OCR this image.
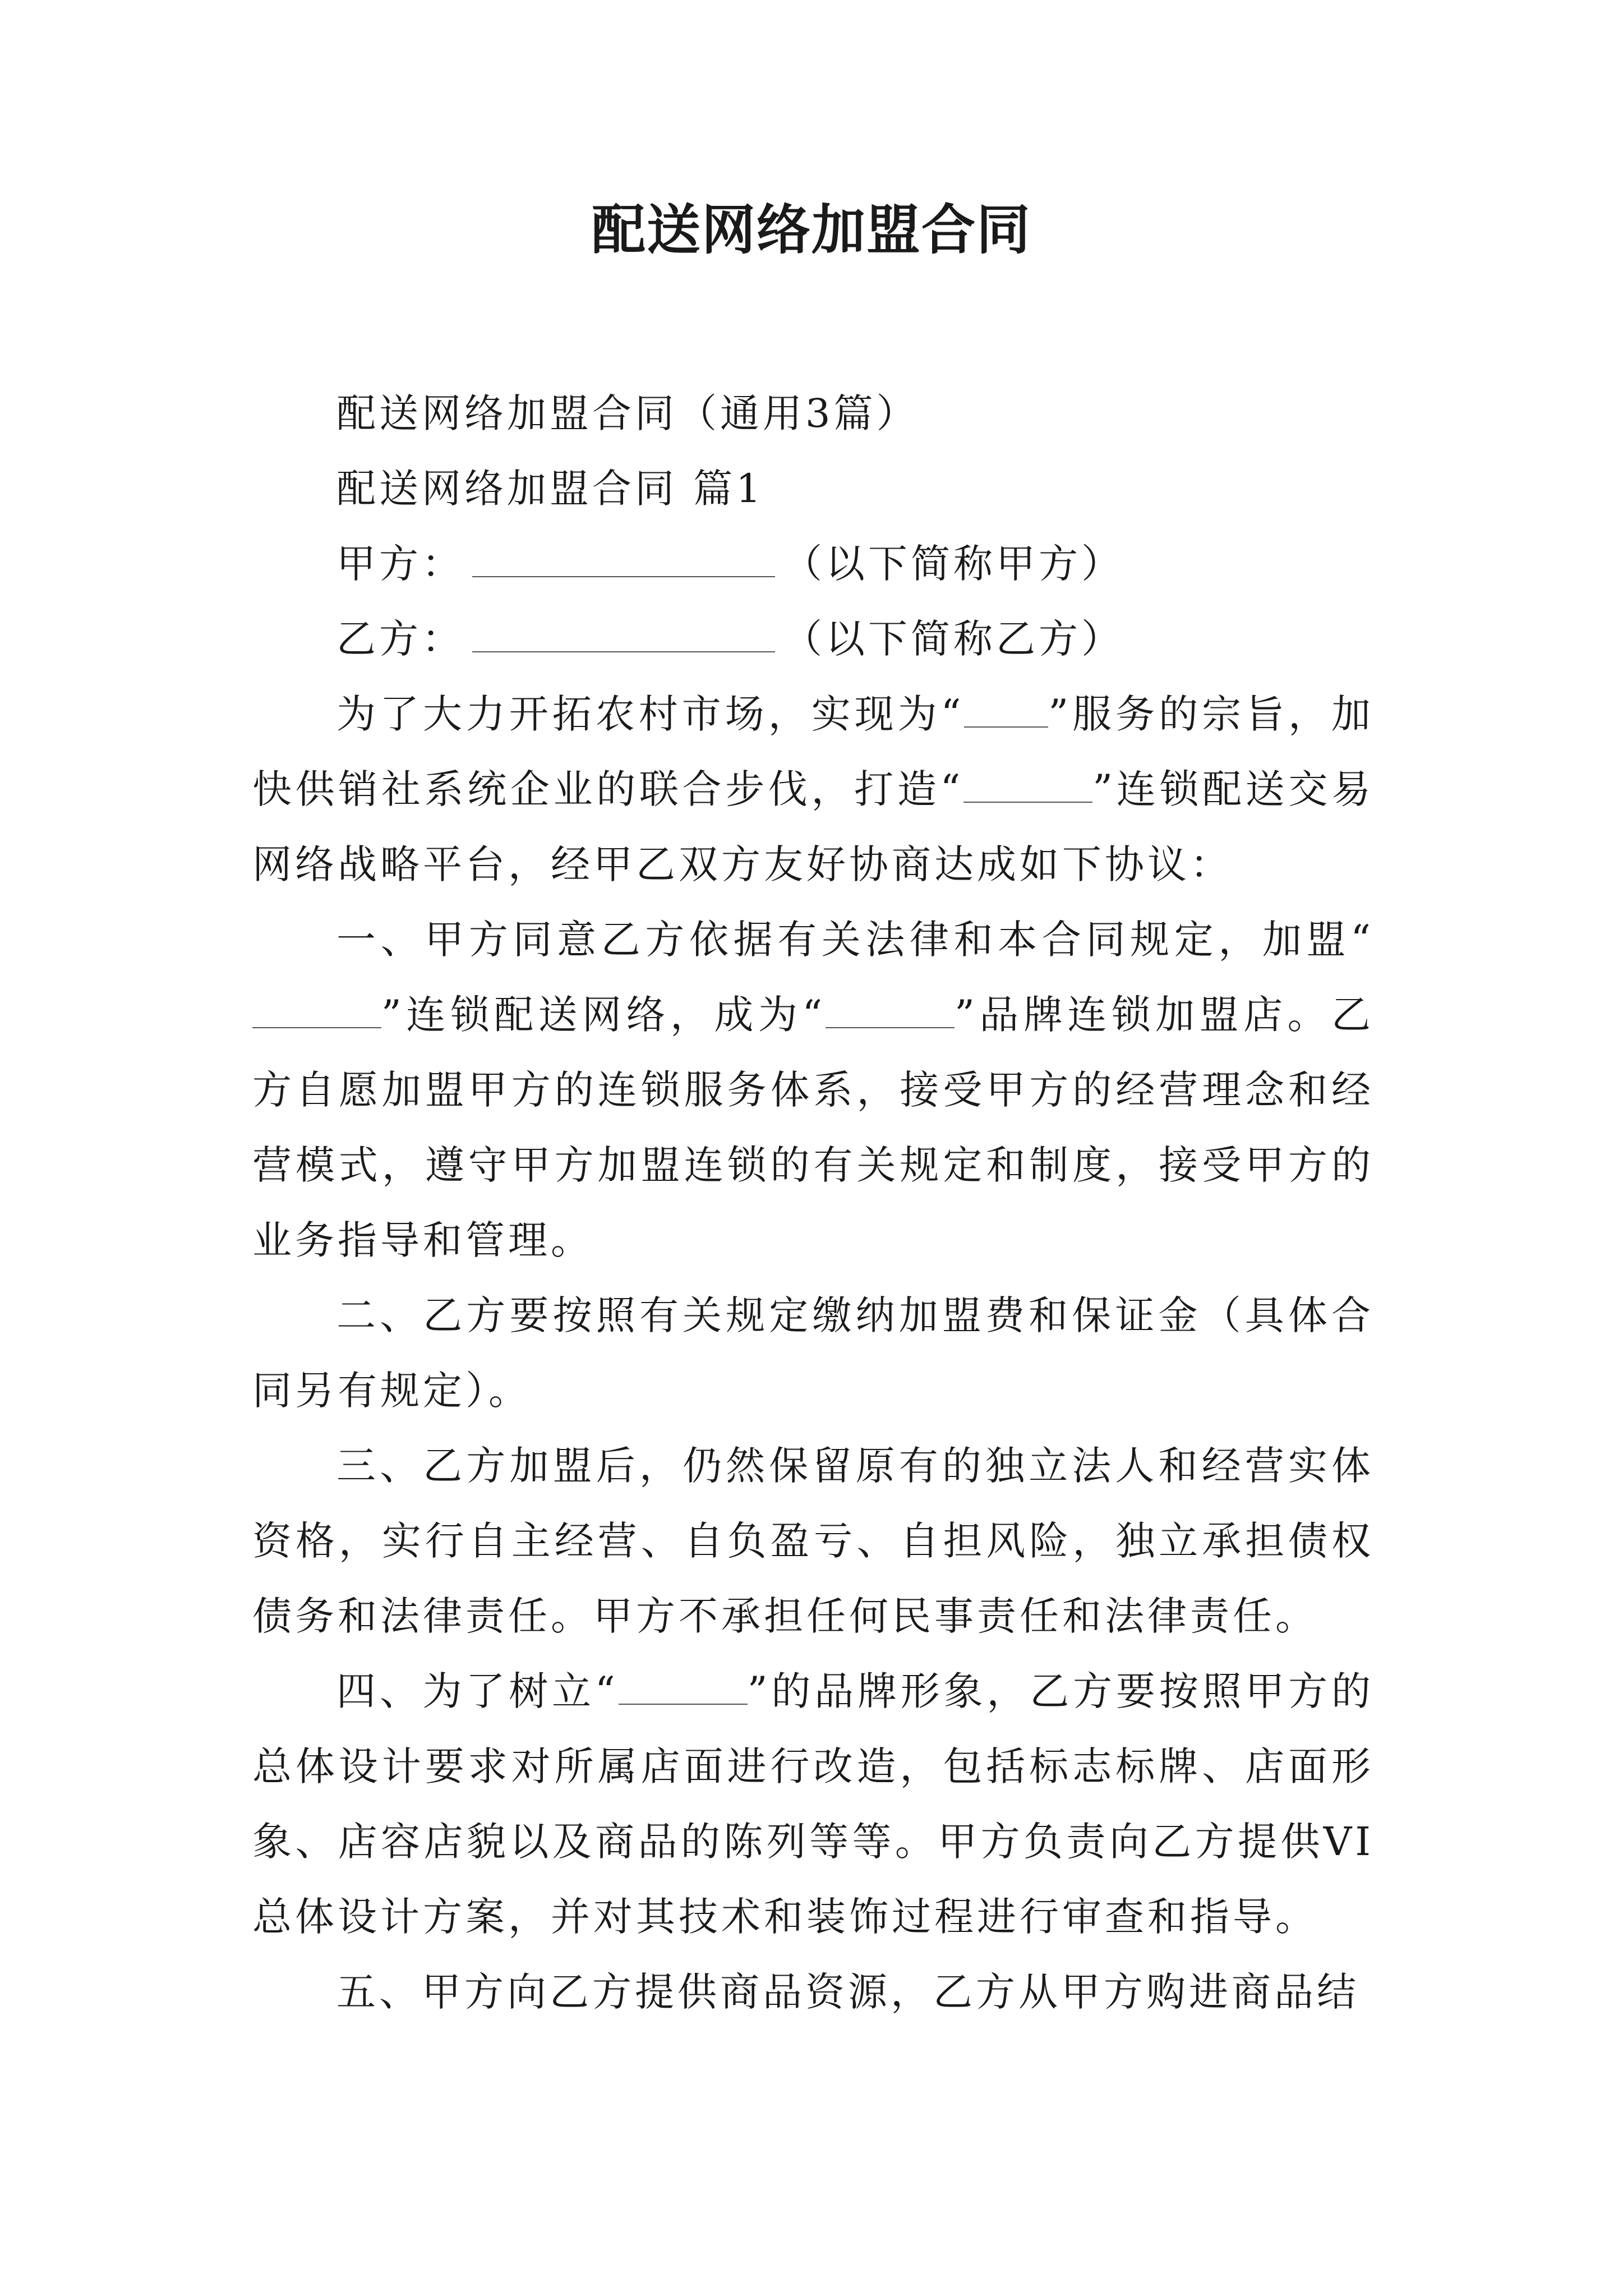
配送网络加盟合同

配送网络加盟合同（通用3篇）

配送网络加盟合同 篇1

甲方：	（以下简称甲方）

乙方：	（以下简称乙方）

为了大力开拓农村市场，实现为“ ”服务的宗旨，加快供销社系统企业的联合步伐，打造“	”连锁配送交易网络战略平台，经甲乙双方友好协商达成如下协议：

一、甲方同意乙方依据有关法律和本合同规定，加盟“”连锁配送网络，成为“	”品牌连锁加盟店。乙方自愿加盟甲方的连锁服务体系，接受甲方的经营理念和经营模式，遵守甲方加盟连锁的有关规定和制度，接受甲方的业务指导和管理。

二、乙方要按照有关规定缴纳加盟费和保证金（具体合同另有规定）。

三、乙方加盟后，仍然保留原有的独立法人和经营实体资格，实行自主经营、自负盈亏、自担风险，独立承担债权债务和法律责任。甲方不承担任何民事责任和法律责任。

四、为了树立“	”的品牌形象，乙方要按照甲方的总体设计要求对所属店面进行改造，包括标志标牌、店面形象、店容店貌以及商品的陈列等等。甲方负责向乙方提供VI总体设计方案，并对其技术和装饰过程进行审查和指导。

五、甲方向乙方提供商品资源，乙方从甲方购进商品结
